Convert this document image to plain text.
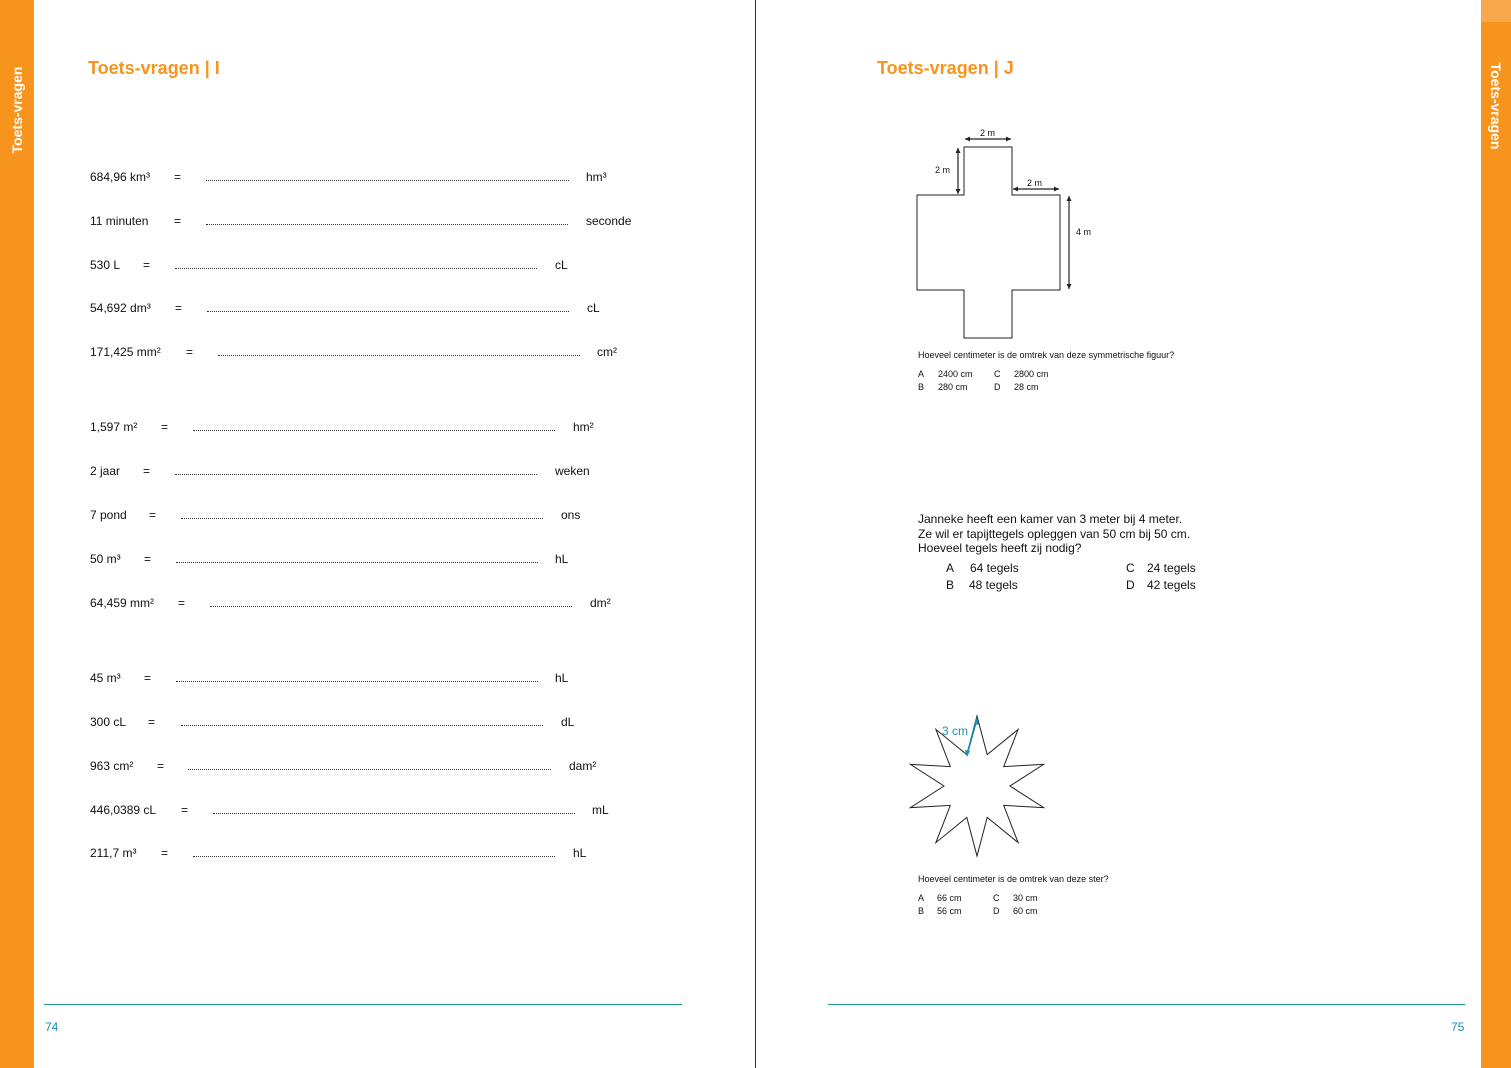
Toets-vragen	Toets-vragen
Toets-vragen | I	Toets-vragen | J
684,96 km³ =	hm³
11 minuten =	seconde
530 L =	cL
54,692 dm³ =	cL
171,425 mm² =	cm²
1,597 m² =	hm²
2 jaar =	weken
7 pond =	ons
50 m³ =	hL
64,459 mm² =	dm²
45 m³ =	hL
300 cL =	dL
963 cm² =	dam²
446,0389 cL =	mL
211,7 m³ =	hL
2 m
2 m
2 m
4 m
Hoeveel centimeter is de omtrek van deze symmetrische figuur?
A 2400 cm C 2800 cm
B 280 cm	D 28 cm
Janneke heeft een kamer van 3 meter bij 4 meter.
Ze wil er tapijttegels opleggen van 50 cm bij 50 cm.
Hoeveel tegels heeft zij nodig?
A 64 tegels	C 24 tegels
B 48 tegels	D 42 tegels
3 cm
Hoeveel centimeter is de omtrek van deze ster?
A 66 cm	C 30 cm
B 56 cm	D 60 cm
74	75
